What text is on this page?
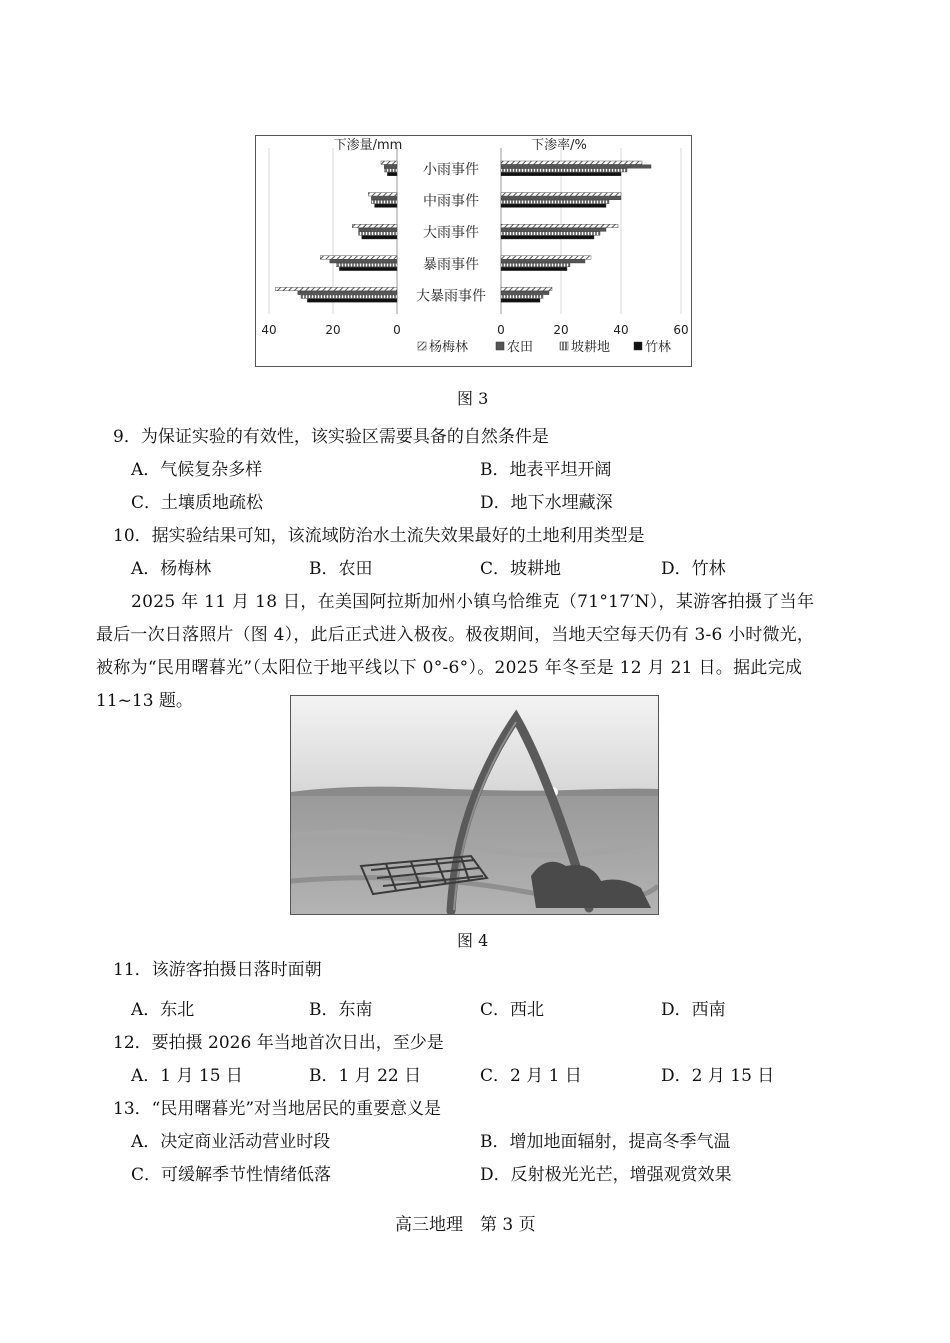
下渗量/mm	下渗率/%
小雨事件
中雨事件
大雨事件
暴雨事件
大暴雨事件
40	20	0	0	20	40	60
杨梅林	农田	坡耕地	竹林
图 3
9．为保证实验的有效性，该实验区需要具备的自然条件是
A．气候复杂多样	B．地表平坦开阔
C．土壤质地疏松	D．地下水埋藏深
10．据实验结果可知，该流域防治水土流失效果最好的土地利用类型是
A．杨梅林	B．农田	C．坡耕地	D．竹林
2025 年 11 月 18 日，在美国阿拉斯加州小镇乌恰维克（71°17′N），某游客拍摄了当年
最后一次日落照片（图 4），此后正式进入极夜。极夜期间，当地天空每天仍有 3-6 小时微光，
被称为“民用曙暮光”（太阳位于地平线以下 0°-6°）。2025 年冬至是 12 月 21 日。据此完成
11~13 题。
图 4
11．该游客拍摄日落时面朝
A．东北	B．东南	C．西北	D．西南
12．要拍摄 2026 年当地首次日出，至少是
A．1 月 15 日	B．1 月 22 日	C．2 月 1 日	D．2 月 15 日
13．“民用曙暮光”对当地居民的重要意义是
A．决定商业活动营业时段	B．增加地面辐射，提高冬季气温
C．可缓解季节性情绪低落	D．反射极光光芒，增强观赏效果
高三地理　第 3 页
